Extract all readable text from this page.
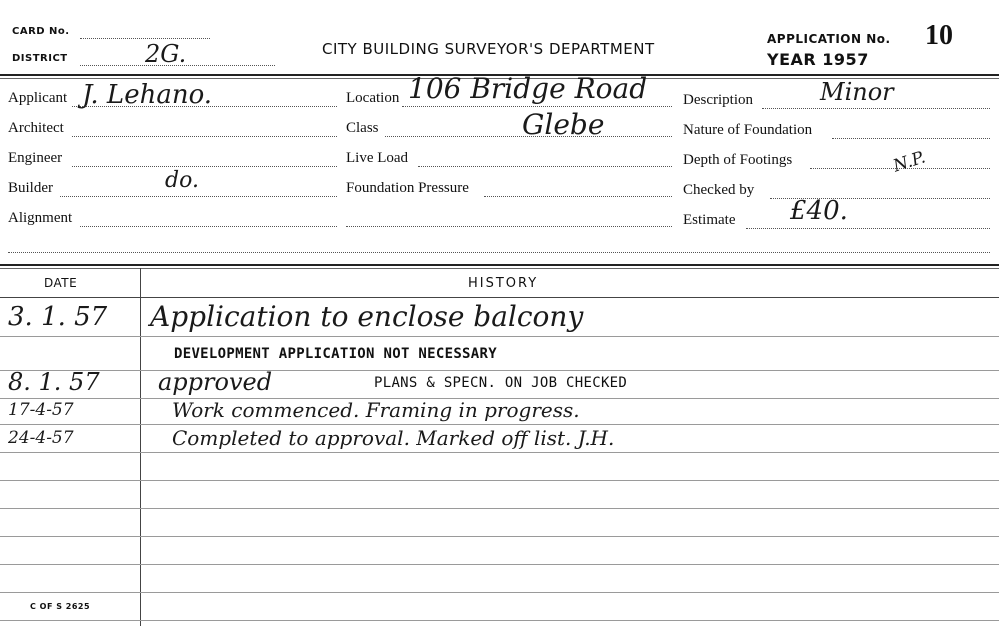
CARD No.
DISTRICT	2G.	CITY BUILDING SURVEYOR'S DEPARTMENT
APPLICATION No. 10
YEAR 1957
Applicant J. Lehano.
Architect
Engineer
Builder	do.
Alignment
Location 106 Bridge Road
Class	Glebe
Live Load
Foundation Pressure
Description	Minor
Nature of Foundation
Depth of Footings	N.P.
Checked by
Estimate £40.
DATE	HISTORY
3. 1. 57 Application to enclose balcony
DEVELOPMENT APPLICATION NOT NECESSARY
8. 1. 57 approved	PLANS & SPECN. ON JOB CHECKED
17-4-57	Work commenced. Framing in progress.
24-4-57	Completed to approval. Marked off list. J.H.
C OF S 2625
